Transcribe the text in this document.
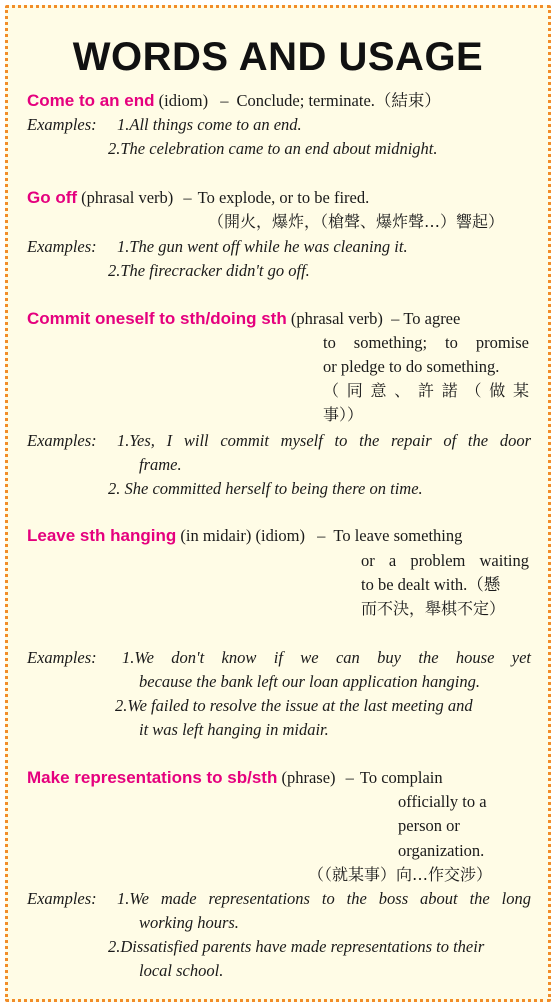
WORDS AND USAGE
Come to an end (idiom) – Conclude; terminate.（結束）
Examples: 1.All things come to an end.
2.The celebration came to an end about midnight.
Go off (phrasal verb) – To explode, or to be fired.
（開火，爆炸，（槍聲、爆炸聲…）響起）
Examples: 1.The gun went off while he was cleaning it.
2.The firecracker didn't go off.
Commit oneself to sth/doing sth (phrasal verb) – To agree
to something; to promise
or pledge to do something.
（同意、許諾（做某
事））
Examples: 1.Yes, I will commit myself to the repair of the door
frame.
2. She committed herself to being there on time.
Leave sth hanging (in midair) (idiom) – To leave something
or a problem waiting
to be dealt with.（懸
而不決，舉棋不定）
Examples: 1.We don't know if we can buy the house yet
because the bank left our loan application hanging.
2.We failed to resolve the issue at the last meeting and
it was left hanging in midair.
Make representations to sb/sth (phrase) – To complain
officially to a
person or
organization.
（（就某事）向…作交涉）
Examples: 1.We made representations to the boss about the long
working hours.
2.Dissatisfied parents have made representations to their
local school.
